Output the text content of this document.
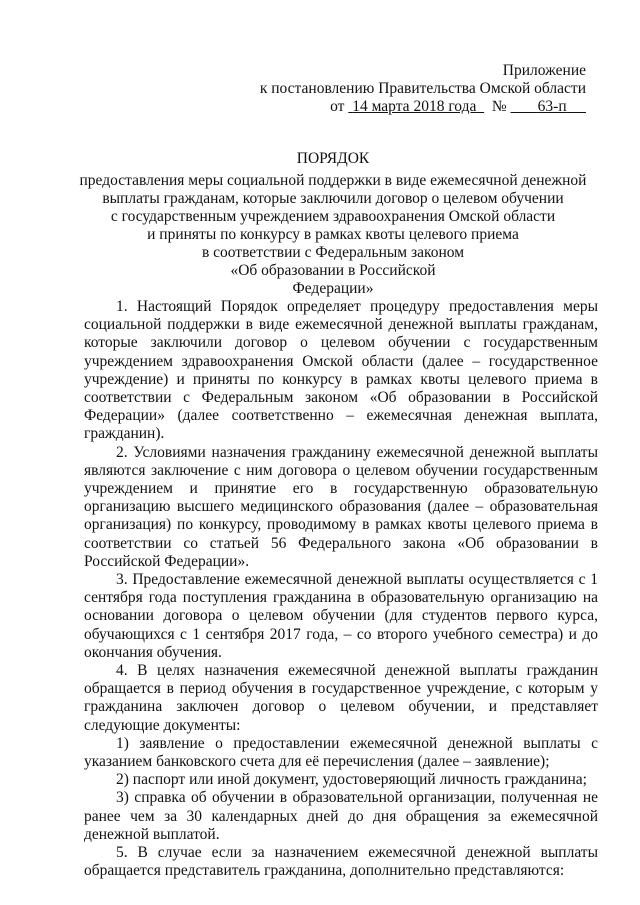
Приложение
к постановлению Правительства Омской области
от 14 марта 2018 года № 63-п
ПОРЯДОК
предоставления меры социальной поддержки в виде ежемесячной денежной
выплаты гражданам, которые заключили договор о целевом обучении
с государственным учреждением здравоохранения Омской области
и приняты по конкурсу в рамках квоты целевого приема
в соответствии с Федеральным законом
«Об образовании в Российской
Федерации»

1. Настоящий Порядок определяет процедуру предоставления меры социальной поддержки в виде ежемесячной денежной выплаты гражданам, которые заключили договор о целевом обучении с государственным учреждением здравоохранения Омской области (далее – государственное учреждение) и приняты по конкурсу в рамках квоты целевого приема в соответствии с Федеральным законом «Об образовании в Российской Федерации» (далее соответственно – ежемесячная денежная выплата, гражданин).

2. Условиями назначения гражданину ежемесячной денежной выплаты являются заключение с ним договора о целевом обучении государственным учреждением и принятие его в государственную образовательную организацию высшего медицинского образования (далее – образовательная организация) по конкурсу, проводимому в рамках квоты целевого приема в соответствии со статьей 56 Федерального закона «Об образовании в Российской Федерации».

3. Предоставление ежемесячной денежной выплаты осуществляется с 1 сентября года поступления гражданина в образовательную организацию на основании договора о целевом обучении (для студентов первого курса, обучающихся с 1 сентября 2017 года, – со второго учебного семестра) и до окончания обучения.

4. В целях назначения ежемесячной денежной выплаты гражданин обращается в период обучения в государственное учреждение, с которым у гражданина заключен договор о целевом обучении, и представляет следующие документы:

1) заявление о предоставлении ежемесячной денежной выплаты с указанием банковского счета для её перечисления (далее – заявление);

2) паспорт или иной документ, удостоверяющий личность гражданина;

3) справка об обучении в образовательной организации, полученная не ранее чем за 30 календарных дней до дня обращения за ежемесячной денежной выплатой.

5. В случае если за назначением ежемесячной денежной выплаты обращается представитель гражданина, дополнительно представляются:
